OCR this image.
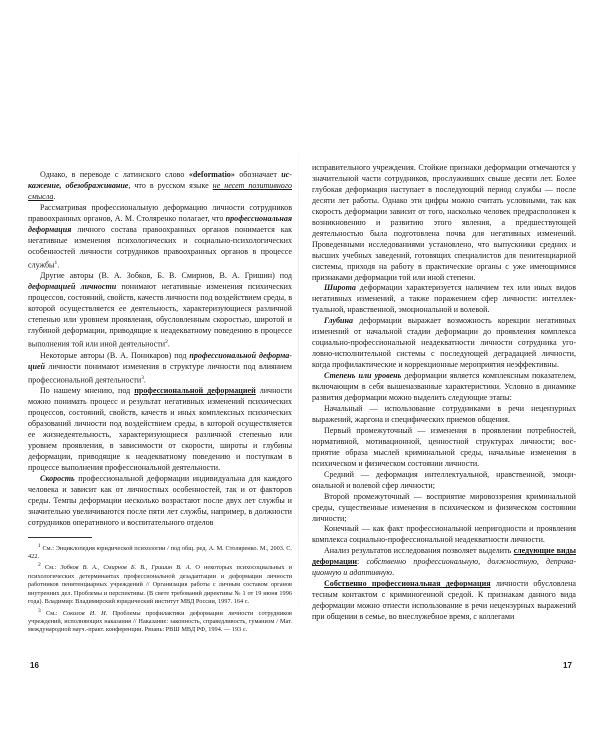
Однако, в переводе с латинского слово «deformatio» обозначает искажение, обезображивание, что в русском языке не несет позитивного смысла.

Рассматривая профессиональную деформацию личности сотрудников правоохранных органов, А. М. Столяренко полагает, что профессиональная деформация личного состава правоохранных органов понимается как негативные изменения психологических и социально-психологических особенностей личности сотрудников правоохранных органов в процессе службы$^1$.

Другие авторы (В. А. Зобков, Б. В. Смирнов, В. А. Гришин) под деформацией личности понимают негативные изменения психических процессов, состояний, свойств, качеств личности под воздействием среды, в которой осуществляется ее деятельность, характеризующиеся различной степенью или уровнем проявления, обусловленным скоростью, широтой и глубиной деформации, приводящие к неадекватному поведению в процессе выполнения той или иной деятельности$^2$.

Некоторые авторы (В. А. Поникаров) под профессиональной деформацией личности понимают изменения в структуре личности под влиянием профессиональной деятельности$^3$.

По нашему мнению, под профессиональной деформацией личности можно понимать процесс и результат негативных изменений психических процессов, состояний, свойств, качеств и иных комплексных психических образований личности под воздействием среды, в которой осуществляется ее жизнедеятельность, характеризующиеся различной степенью или уровнем проявления, в зависимости от скорости, широты и глубины деформации, приводящие к неадекватному поведению и поступкам в процессе выполнения профессиональной деятельности.

Скорость профессиональной деформации индивидуальна для каждого человека и зависит как от личностных особенностей, так и от факторов среды. Темпы деформации несколько возрастают после двух лет службы и значительно увеличиваются после пяти лет службы, например, в должности сотрудников оперативного и воспитательного отделов

$^1$ См.: Энциклопедия юридической психологии / под общ. ред. А. М. Столяренко. М., 2003. С. 422.

$^2$ См.: Зобков В. А., Смирнов Б. В., Гришин В. А. О некоторых психосоциальных и психологических детерминантах профессиональной дезадаптации и деформации личности работников пенитенциарных учреждений // Организация работы с личным составом органов внутренних дел. Проблемы и перспективы. (В свете требований директивы № 1 от 19 июня 1996 года). Владимир: Владимирский юридический институт МВД России, 1997. 164 с.

$^3$ См.: Соколов И. И. Проблемы профилактики деформации личности сотрудников учреждений, исполняющих наказания // Наказание: законность, справедливость, гуманизм / Мат. международной науч.-практ. конференции. Рязань: РВШ МВД РФ, 1994. — 193 с.

исправительного учреждения. Стойкие признаки деформации отмечаются у значительной части сотрудников, прослуживших свыше десяти лет. Более глубокая деформация наступает в последующий период службы — после десяти лет работы. Однако эти цифры можно считать условными, так как скорость деформации зависит от того, насколько человек предрасположен к возникновению и развитию этого явления, а предшествующей деятельностью была подготовлена почва для негативных изменений. Проведенными исследованиями установлено, что выпускники средних и высших учебных заведений, готовящих специалистов для пенитенциарной системы, приходя на работу в практические органы с уже имеющимися признаками деформации той или иной степени.

Широта деформации характеризуется наличием тех или иных видов негативных изменений, а также поражением сфер личности: интеллектуальной, нравственной, эмоциональной и волевой.

Глубина деформации выражает возможность корекции негативных изменений от начальной стадии деформации до проявления комплекса социально-профессиональной неадекватности личности сотрудника уголовно-исполнительной системы с последующей деградацией личности, когда профилактические и коррекционные мероприятия неэффективны.

Степень или уровень деформации является комплексным показателем, включающим в себя вышеназванные характеристики. Условно в динамике развития деформации можно выделить следующие этапы:

Начальный — использование сотрудниками в речи нецензурных выражений, жаргона и специфических приемов общения.

Первый промежуточный — изменения в проявлении потребностей, нормативной, мотивационной, ценностной структурах личности; восприятие образа мыслей криминальной среды, начальные изменения в психическом и физическом состоянии личности.

Средний — деформация интеллектуальной, нравственной, эмоциональной и волевой сфер личности;

Второй промежуточный — восприятие мировоззрения криминальной среды, существенные изменения в психическом и физическом состоянии личности;

Конечный — как факт профессиональной непригодности и проявления комплекса социально-профессиональной неадекватности личности.

Анализ результатов исследования позволяет выделить следующие виды деформации: собственно профессиональную, должностную, депривационную и адаптивную.

Собственно профессиональная деформация личности обусловлена тесным контактом с криминогенной средой. К признакам данного вида деформации можно отнести использование в речи нецензурных выражений при общении в семье, во внеслужебное время, с коллегами

16	17
